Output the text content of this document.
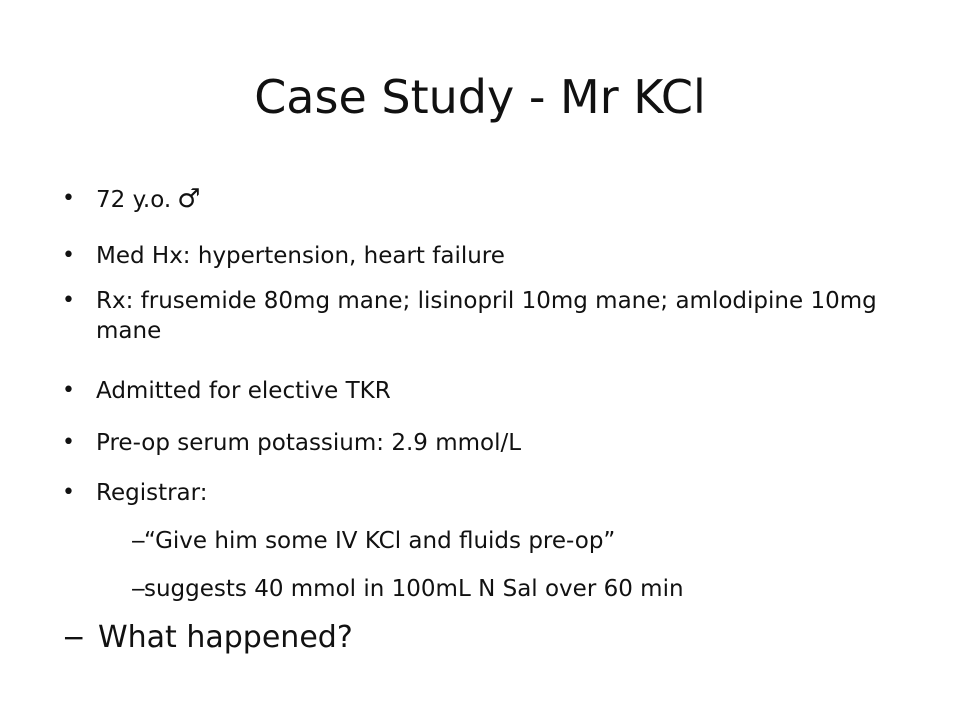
Case Study - Mr KCl
• 72 y.o. ♂
• Med Hx: hypertension, heart failure
• Rx: frusemide 80mg mane; lisinopril 10mg mane; amlodipine 10mg mane
• Admitted for elective TKR
• Pre-op serum potassium: 2.9 mmol/L
• Registrar:
−
“Give him some IV KCl and fluids pre-op”
−
suggests 40 mmol in 100mL N Sal over 60 min
− What happened?
